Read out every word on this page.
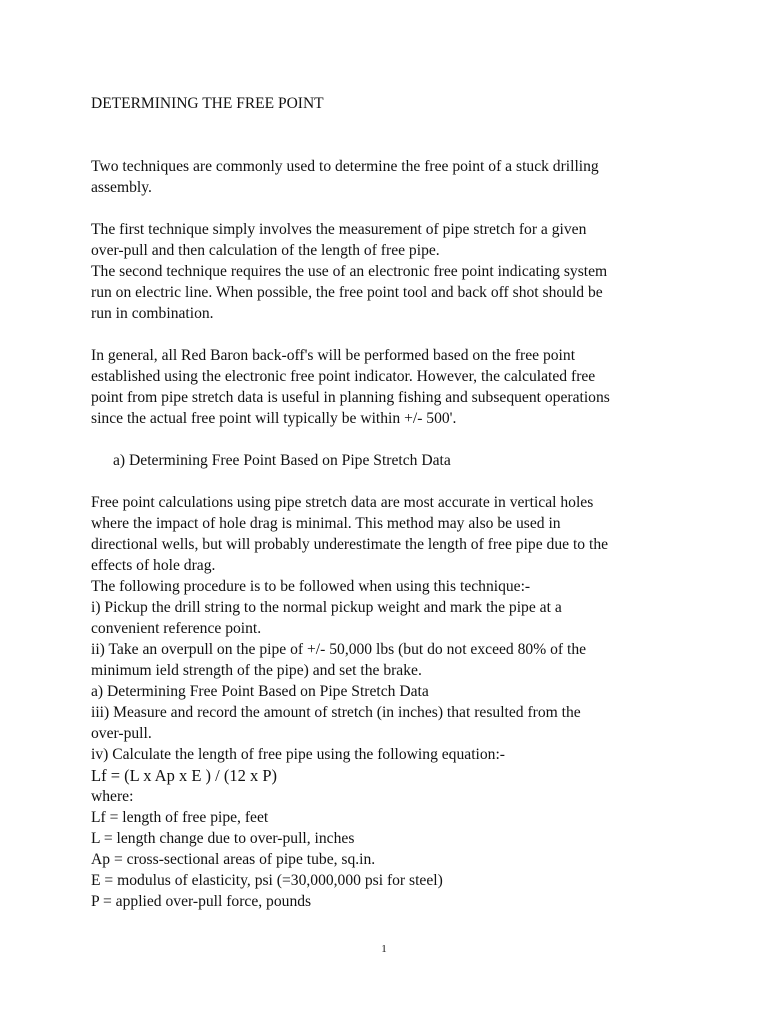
DETERMINING THE FREE POINT
Two techniques are commonly used to determine the free point of a stuck drilling
assembly.
The first technique simply involves the measurement of pipe stretch for a given
over-pull and then calculation of the length of free pipe.
The second technique requires the use of an electronic free point indicating system
run on electric line. When possible, the free point tool and back off shot should be
run in combination.
In general, all Red Baron back-off's will be performed based on the free point
established using the electronic free point indicator. However, the calculated free
point from pipe stretch data is useful in planning fishing and subsequent operations
since the actual free point will typically be within +/- 500'.
a) Determining Free Point Based on Pipe Stretch Data
Free point calculations using pipe stretch data are most accurate in vertical holes
where the impact of hole drag is minimal. This method may also be used in
directional wells, but will probably underestimate the length of free pipe due to the
effects of hole drag.
The following procedure is to be followed when using this technique:-
i) Pickup the drill string to the normal pickup weight and mark the pipe at a
convenient reference point.
ii) Take an overpull on the pipe of +/- 50,000 lbs (but do not exceed 80% of the
minimum ield strength of the pipe) and set the brake.
a) Determining Free Point Based on Pipe Stretch Data
iii) Measure and record the amount of stretch (in inches) that resulted from the
over-pull.
iv) Calculate the length of free pipe using the following equation:-
Lf = (L x Ap x E ) / (12 x P)
where:
Lf = length of free pipe, feet
L = length change due to over-pull, inches
Ap = cross-sectional areas of pipe tube, sq.in.
E = modulus of elasticity, psi (=30,000,000 psi for steel)
P = applied over-pull force, pounds
1
